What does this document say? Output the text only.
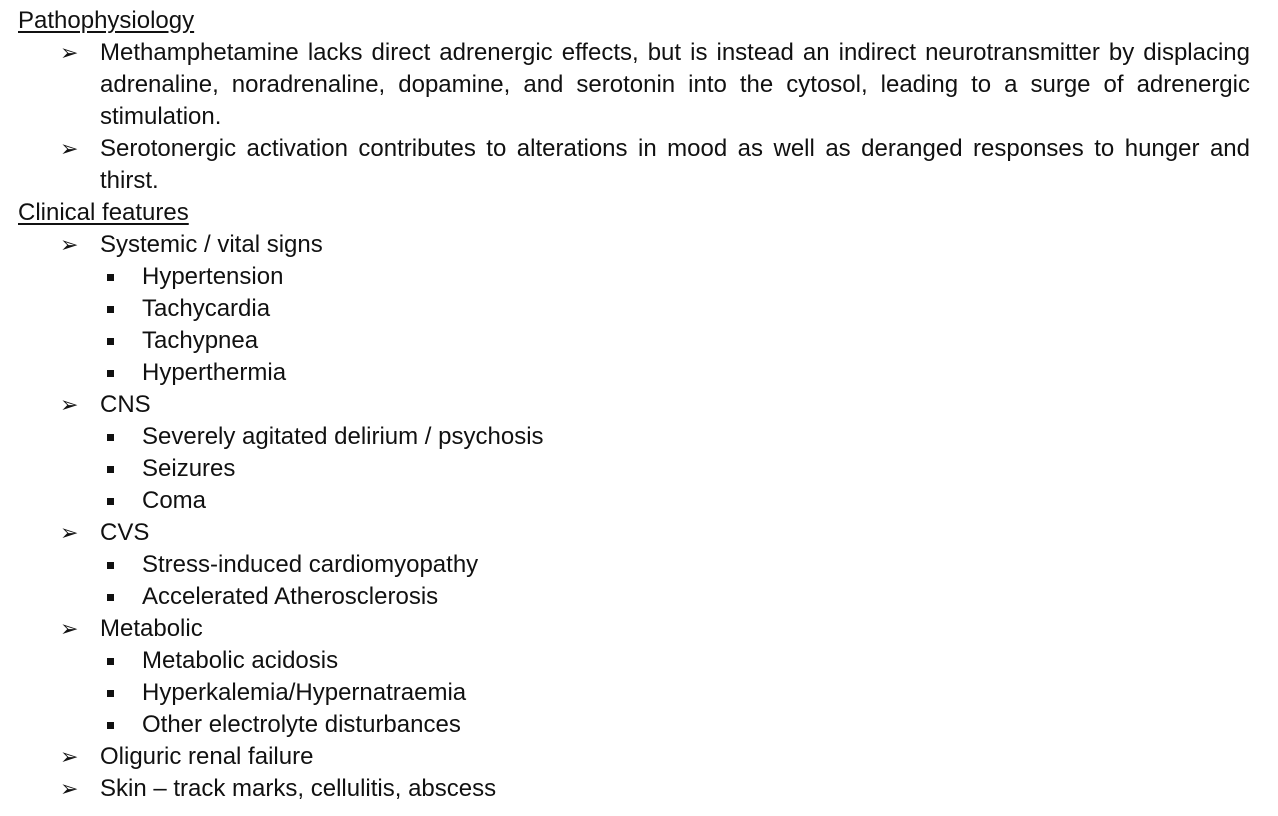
Pathophysiology
➢ Methamphetamine lacks direct adrenergic effects, but is instead an indirect neurotransmitter by displacing adrenaline, noradrenaline, dopamine, and serotonin into the cytosol, leading to a surge of adrenergic stimulation.
➢ Serotonergic activation contributes to alterations in mood as well as deranged responses to hunger and thirst.
Clinical features
➢ Systemic / vital signs
Hypertension
Tachycardia
Tachypnea
Hyperthermia
➢ CNS
Severely agitated delirium / psychosis
Seizures
Coma
➢ CVS
Stress-induced cardiomyopathy
Accelerated Atherosclerosis
➢ Metabolic
Metabolic acidosis
Hyperkalemia/Hypernatraemia
Other electrolyte disturbances
➢ Oliguric renal failure
➢ Skin – track marks, cellulitis, abscess
